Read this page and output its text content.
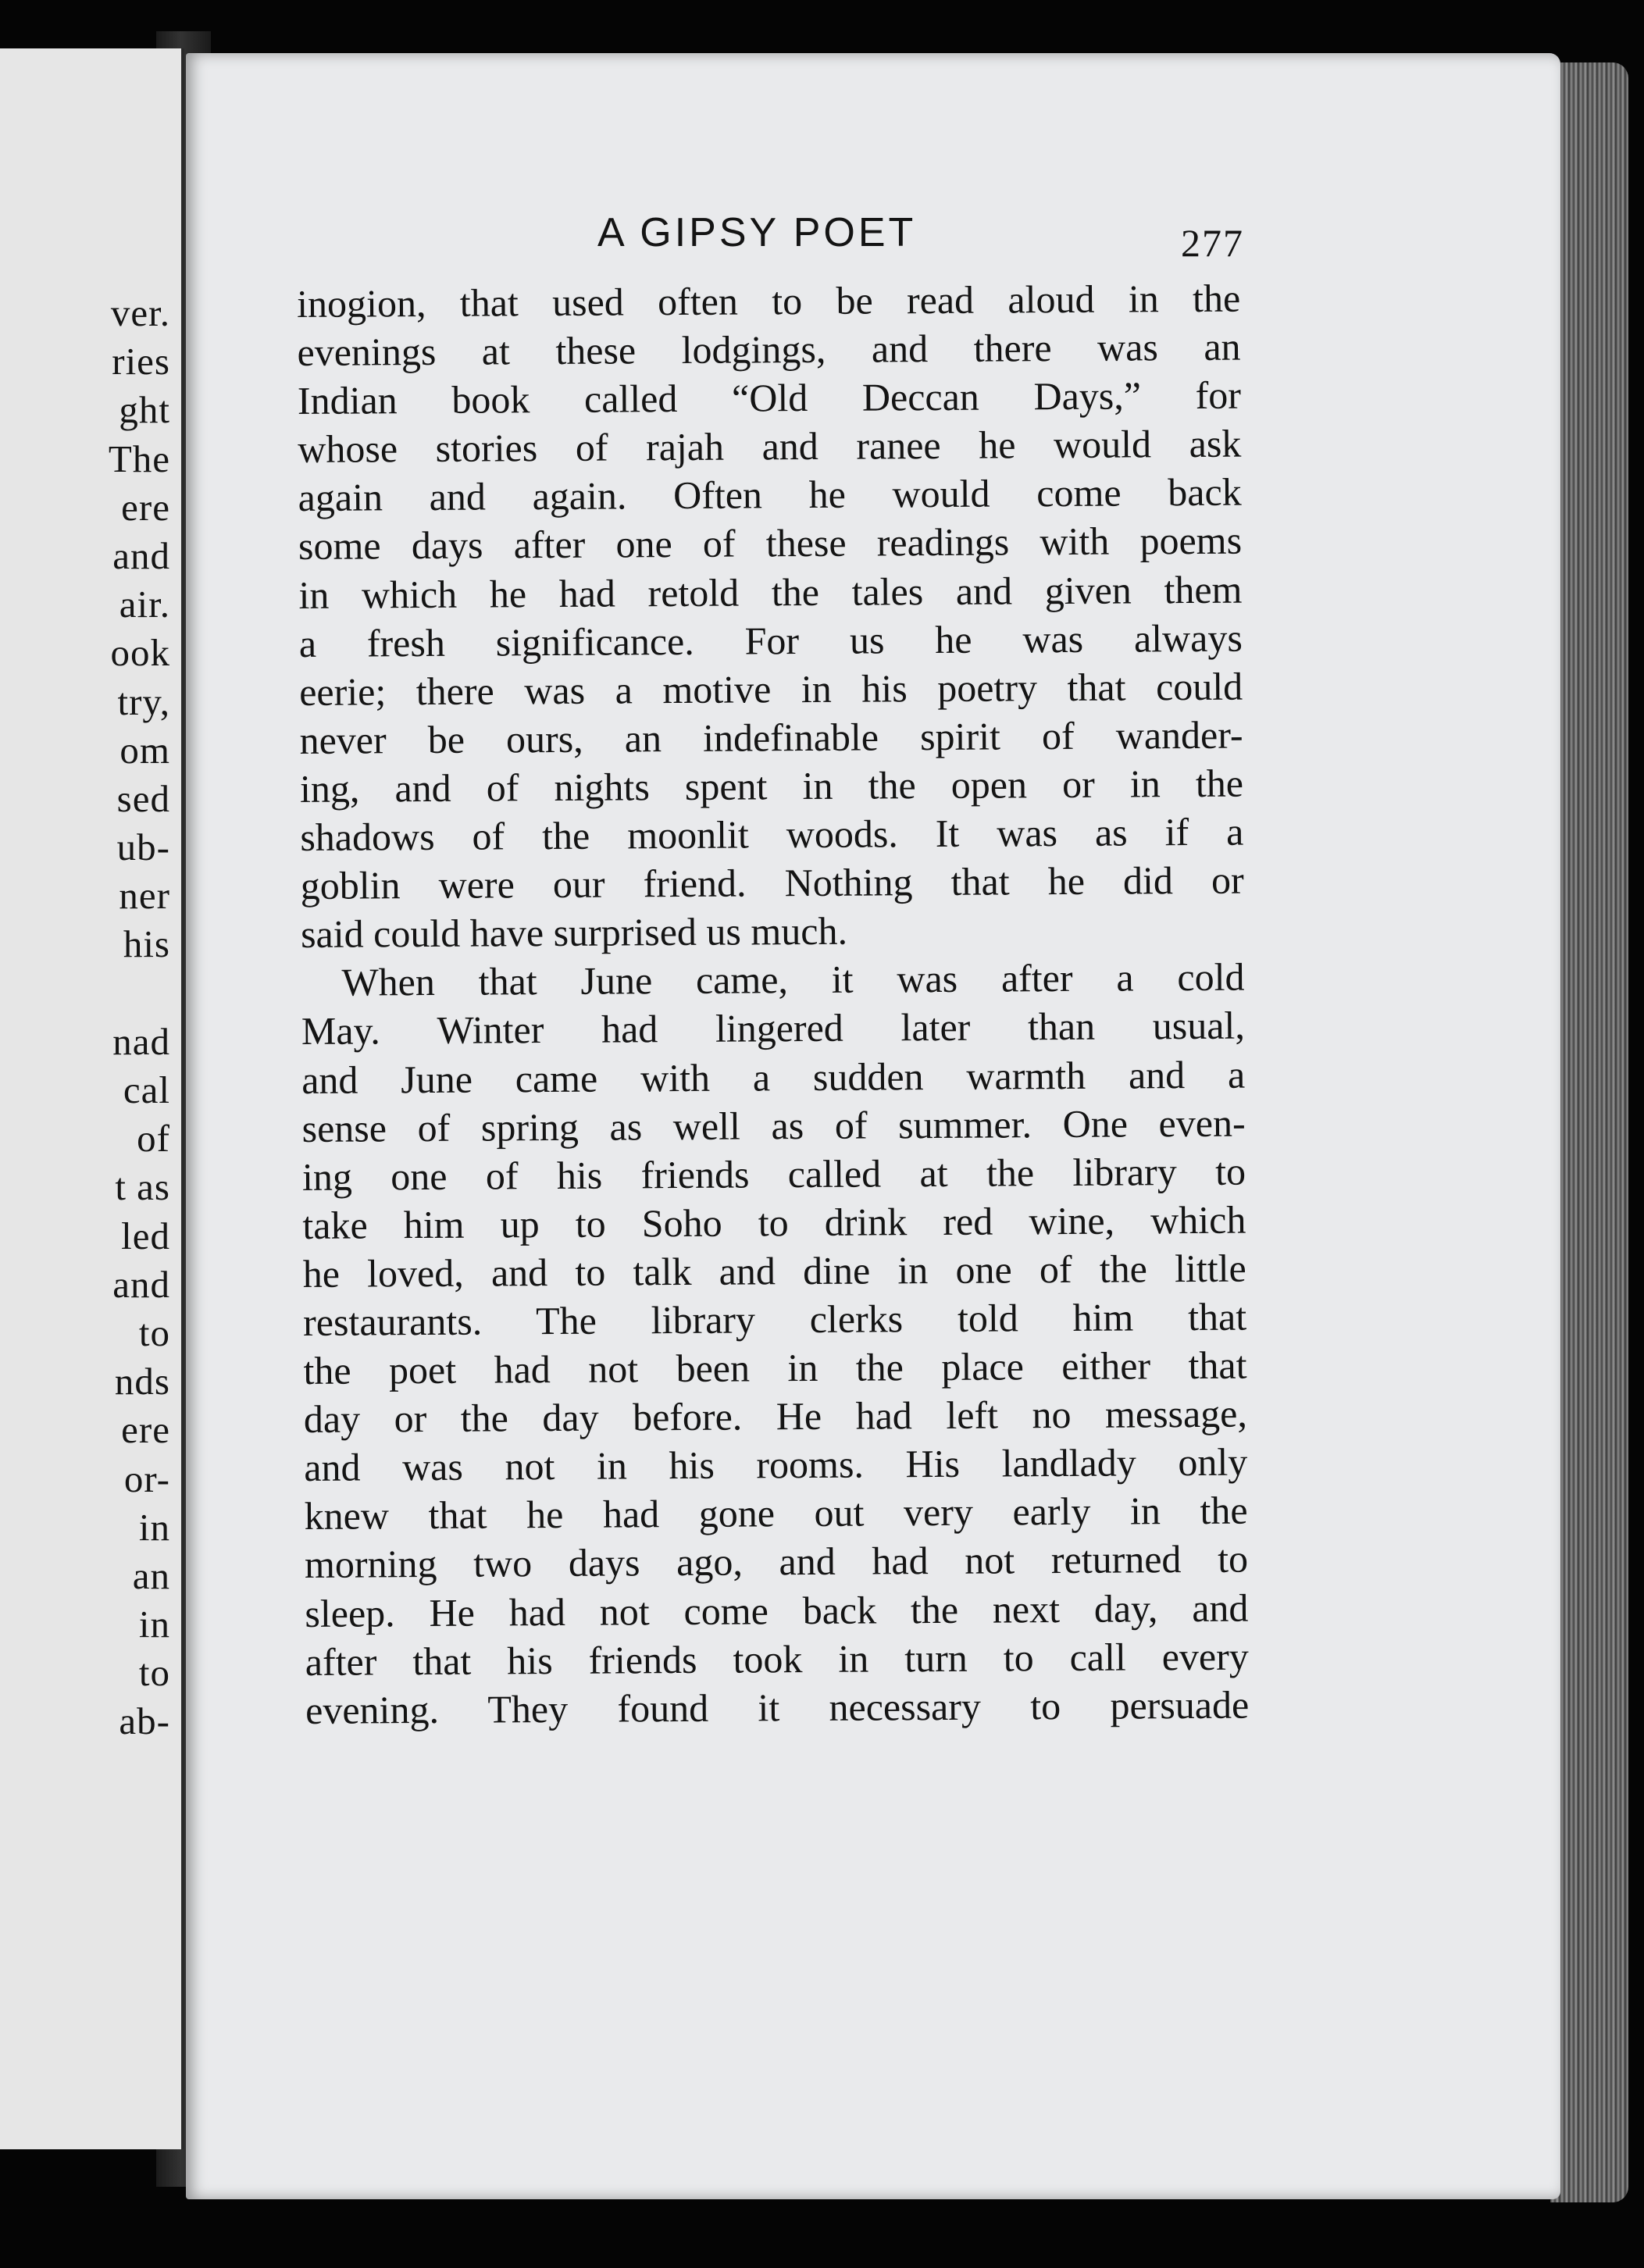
ver.
ries
ght
The
ere
and
air.
ook
try,
om
sed
ub-
ner
his
nad
cal
of
t as
led
and
to
nds
ere
or-
in
an
in
to
ab-
A GIPSY POET	277
inogion, that used often to be read aloud in the
evenings at these lodgings, and there was an
Indian book called “Old Deccan Days,” for
whose stories of rajah and ranee he would ask
again and again. Often he would come back
some days after one of these readings with poems
in which he had retold the tales and given them
a fresh significance. For us he was always
eerie; there was a motive in his poetry that could
never be ours, an indefinable spirit of wander-
ing, and of nights spent in the open or in the
shadows of the moonlit woods. It was as if a
goblin were our friend. Nothing that he did or
said could have surprised us much.
When that June came, it was after a cold
May. Winter had lingered later than usual,
and June came with a sudden warmth and a
sense of spring as well as of summer. One even-
ing one of his friends called at the library to
take him up to Soho to drink red wine, which
he loved, and to talk and dine in one of the little
restaurants. The library clerks told him that
the poet had not been in the place either that
day or the day before. He had left no message,
and was not in his rooms. His landlady only
knew that he had gone out very early in the
morning two days ago, and had not returned to
sleep. He had not come back the next day, and
after that his friends took in turn to call every
evening. They found it necessary to persuade
